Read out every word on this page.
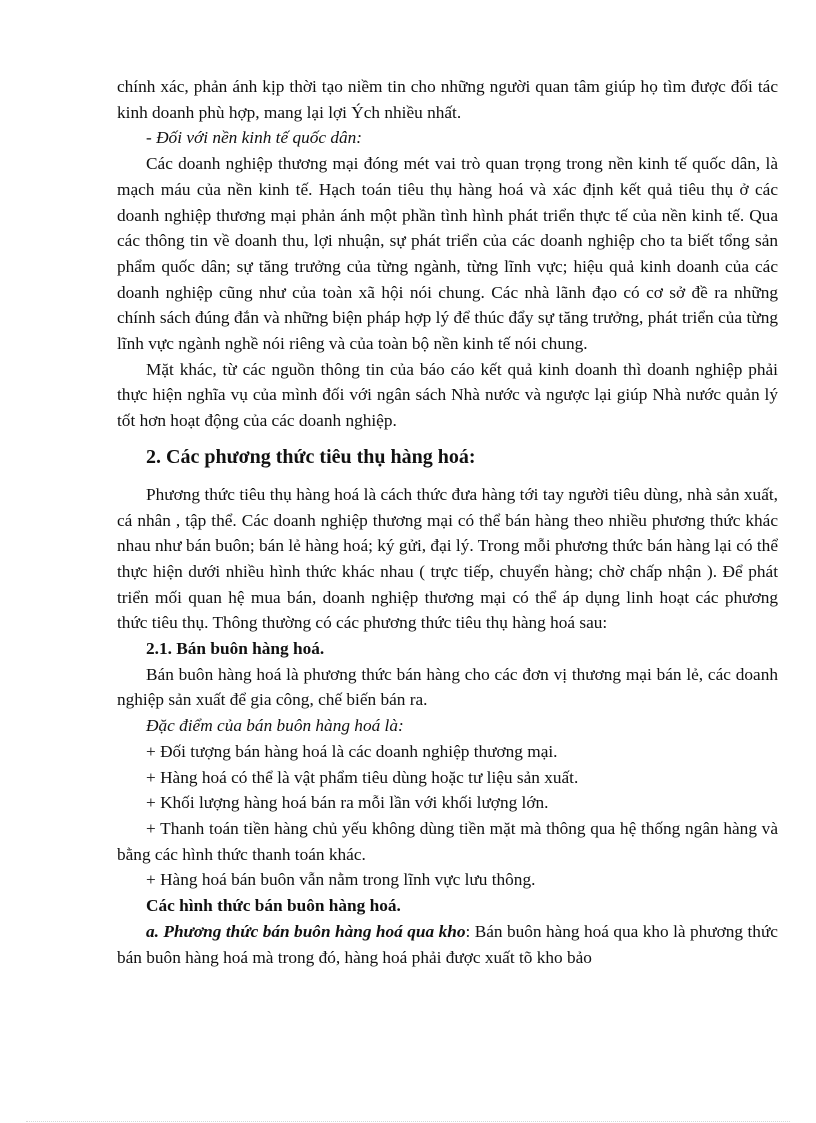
chính xác, phản ánh kịp thời tạo niềm tin cho những người quan tâm giúp họ tìm được đối tác kinh doanh phù hợp, mang lại lợi Ých nhiều nhất.

- Đối với nền kinh tế quốc dân:

Các doanh nghiệp thương mại đóng mét vai trò quan trọng trong nền kinh tế quốc dân, là mạch máu của nền kinh tế. Hạch toán tiêu thụ hàng hoá và xác định kết quả tiêu thụ ở các doanh nghiệp thương mại phản ánh một phần tình hình phát triển thực tế của nền kinh tế. Qua các thông tin về doanh thu, lợi nhuận, sự phát triển của các doanh nghiệp cho ta biết tổng sản phẩm quốc dân; sự tăng trưởng của từng ngành, từng lĩnh vực; hiệu quả kinh doanh của các doanh nghiệp cũng như của toàn xã hội nói chung. Các nhà lãnh đạo có cơ sở đề ra những chính sách đúng đắn và những biện pháp hợp lý để thúc đẩy sự tăng trưởng, phát triển của từng lĩnh vực ngành nghề nói riêng và của toàn bộ nền kinh tế nói chung.

Mặt khác, từ các nguồn thông tin của báo cáo kết quả kinh doanh thì doanh nghiệp phải thực hiện nghĩa vụ của mình đối với ngân sách Nhà nước và ngược lại giúp Nhà nước quản lý tốt hơn hoạt động của các doanh nghiệp.

2. Các phương thức tiêu thụ hàng hoá:

Phương thức tiêu thụ hàng hoá là cách thức đưa hàng tới tay người tiêu dùng, nhà sản xuất, cá nhân , tập thể. Các doanh nghiệp thương mại có thể bán hàng theo nhiều phương thức khác nhau như bán buôn; bán lẻ hàng hoá; ký gửi, đại lý. Trong mỗi phương thức bán hàng lại có thể thực hiện dưới nhiều hình thức khác nhau ( trực tiếp, chuyển hàng; chờ chấp nhận ). Để phát triển mối quan hệ mua bán, doanh nghiệp thương mại có thể áp dụng linh hoạt các phương thức tiêu thụ. Thông thường có các phương thức tiêu thụ hàng hoá sau:

2.1. Bán buôn hàng hoá.

Bán buôn hàng hoá là phương thức bán hàng cho các đơn vị thương mại bán lẻ, các doanh nghiệp sản xuất để gia công, chế biến bán ra.

Đặc điểm của bán buôn hàng hoá là:

+ Đối tượng bán hàng hoá là các doanh nghiệp thương mại.

+ Hàng hoá có thể là vật phẩm tiêu dùng hoặc tư liệu sản xuất.

+ Khối lượng hàng hoá bán ra mỗi lần với khối lượng lớn.

+ Thanh toán tiền hàng chủ yếu không dùng tiền mặt mà thông qua hệ thống ngân hàng và bằng các hình thức thanh toán khác.

+ Hàng hoá bán buôn vẫn nằm trong lĩnh vực lưu thông.

Các hình thức bán buôn hàng hoá.

a. Phương thức bán buôn hàng hoá qua kho: Bán buôn hàng hoá qua kho là phương thức bán buôn hàng hoá mà trong đó, hàng hoá phải được xuất tõ kho bảo
